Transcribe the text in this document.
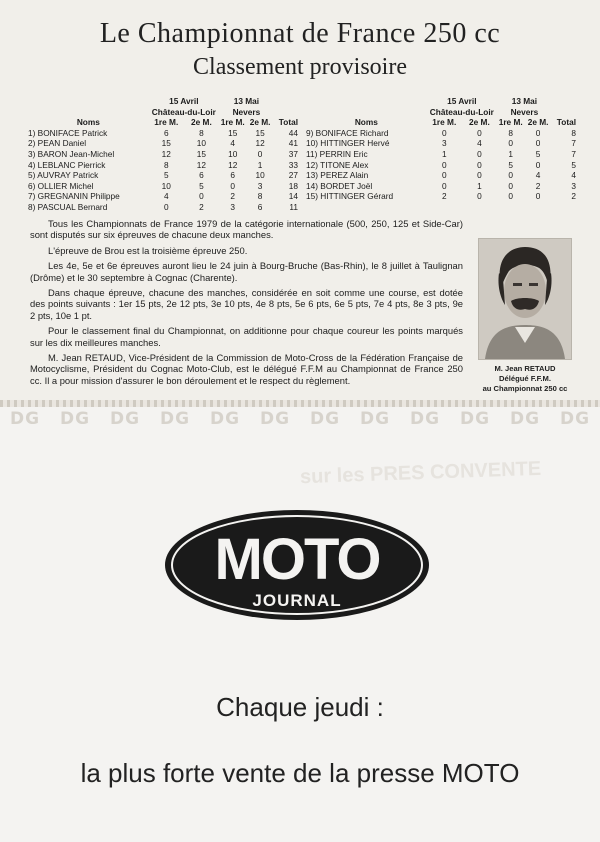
Le Championnat de France 250 cc
Classement provisoire
	15 Avril		13 Mai		
	Château-du-Loir		Nevers		
Noms	1re M.	2e M.	1re M.	2e M.	Total
1) BONIFACE Patrick	6	8	15	15	44
2) PEAN Daniel	15	10	4	12	41
3) BARON Jean-Michel	12	15	10	0	37
4) LEBLANC Pierrick	8	12	12	1	33
5) AUVRAY Patrick	5	6	6	10	27
6) OLLIER Michel	10	5	0	3	18
7) GREGNANIN Philippe	4	0	2	8	14
8) PASCUAL Bernard	0	2	3	6	11
	15 Avril		13 Mai		
	Château-du-Loir		Nevers		
Noms	1re M.	2e M.	1re M.	2e M.	Total
9) BONIFACE Richard	0	0	8	0	8
10) HITTINGER Hervé	3	4	0	0	7
11) PERRIN Eric	1	0	1	5	7
12) TITONE Alex	0	0	5	0	5
13) PEREZ Alain	0	0	0	4	4
14) BORDET Joël	0	1	0	2	3
15) HITTINGER Gérard	2	0	0	0	2

Tous les Championnats de France 1979 de la catégorie internationale (500, 250, 125 et Side-Car) sont disputés sur six épreuves de chacune deux manches.

L'épreuve de Brou est la troisième épreuve 250.

Les 4e, 5e et 6e épreuves auront lieu le 24 juin à Bourg-Bruche (Bas-Rhin), le 8 juillet à Taulignan (Drôme) et le 30 septembre à Cognac (Charente).

Dans chaque épreuve, chacune des manches, considérée en soit comme une course, est dotée des points suivants : 1er 15 pts, 2e 12 pts, 3e 10 pts, 4e 8 pts, 5e 6 pts, 6e 5 pts, 7e 4 pts, 8e 3 pts, 9e 2 pts, 10e 1 pt.

Pour le classement final du Championnat, on additionne pour chaque coureur les points marqués sur les dix meilleures manches.

M. Jean RETAUD, Vice-Président de la Commission de Moto-Cross de la Fédération Française de Motocyclisme, Président du Cognac Moto-Club, est le délégué F.F.M au Championnat de France 250 cc. Il a pour mission d'assurer le bon déroulement et le respect du règlement.

M. Jean RETAUD
Délégué F.F.M.
au Championnat 250 cc
sur les PRES CONVENTE
DG DG DG DG DG DG DG DG DG DG DG DG
MOTO
JOURNAL
Chaque jeudi :
la plus forte vente de la presse MOTO
